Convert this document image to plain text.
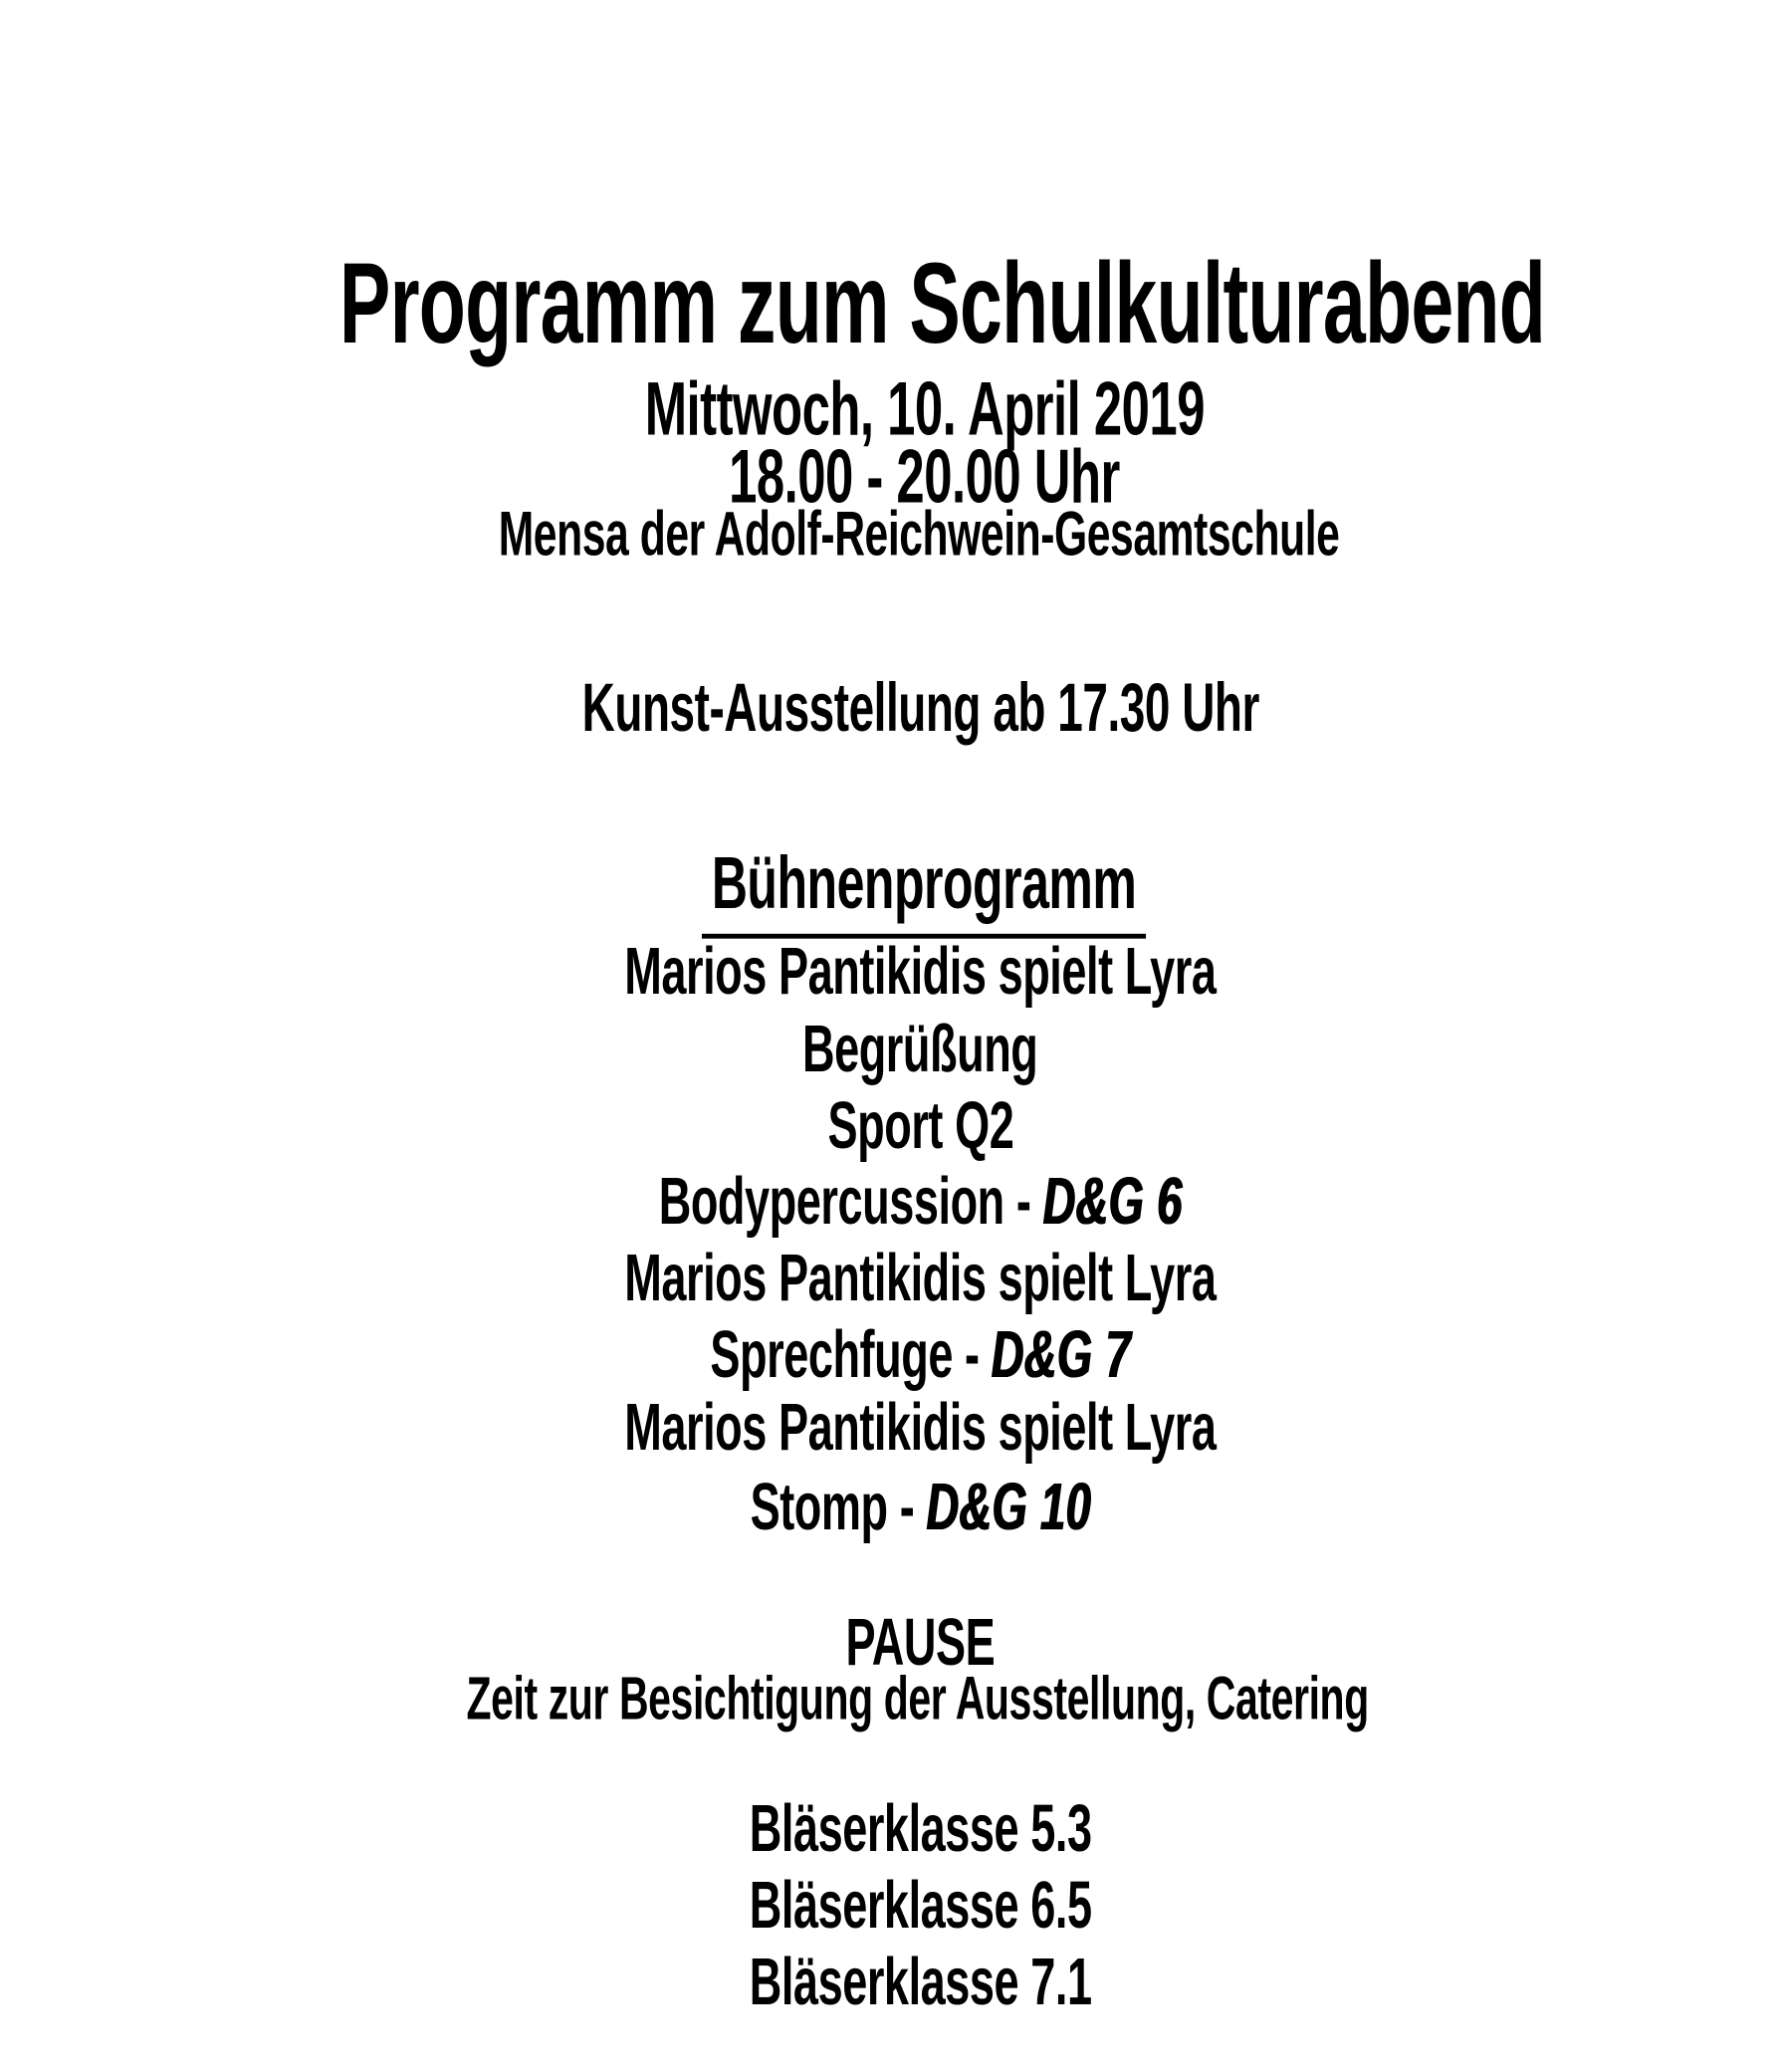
Programm zum Schulkulturabend

Mittwoch, 10. April 2019

18.00 - 20.00 Uhr

Mensa der Adolf-Reichwein-Gesamtschule

Kunst-Ausstellung ab 17.30 Uhr

Bühnenprogramm

Marios Pantikidis spielt Lyra

Begrüßung

Sport Q2

Bodypercussion - D&G 6

Marios Pantikidis spielt Lyra

Sprechfuge - D&G 7

Marios Pantikidis spielt Lyra

Stomp - D&G 10

PAUSE

Zeit zur Besichtigung der Ausstellung, Catering

Bläserklasse 5.3

Bläserklasse 6.5

Bläserklasse 7.1
